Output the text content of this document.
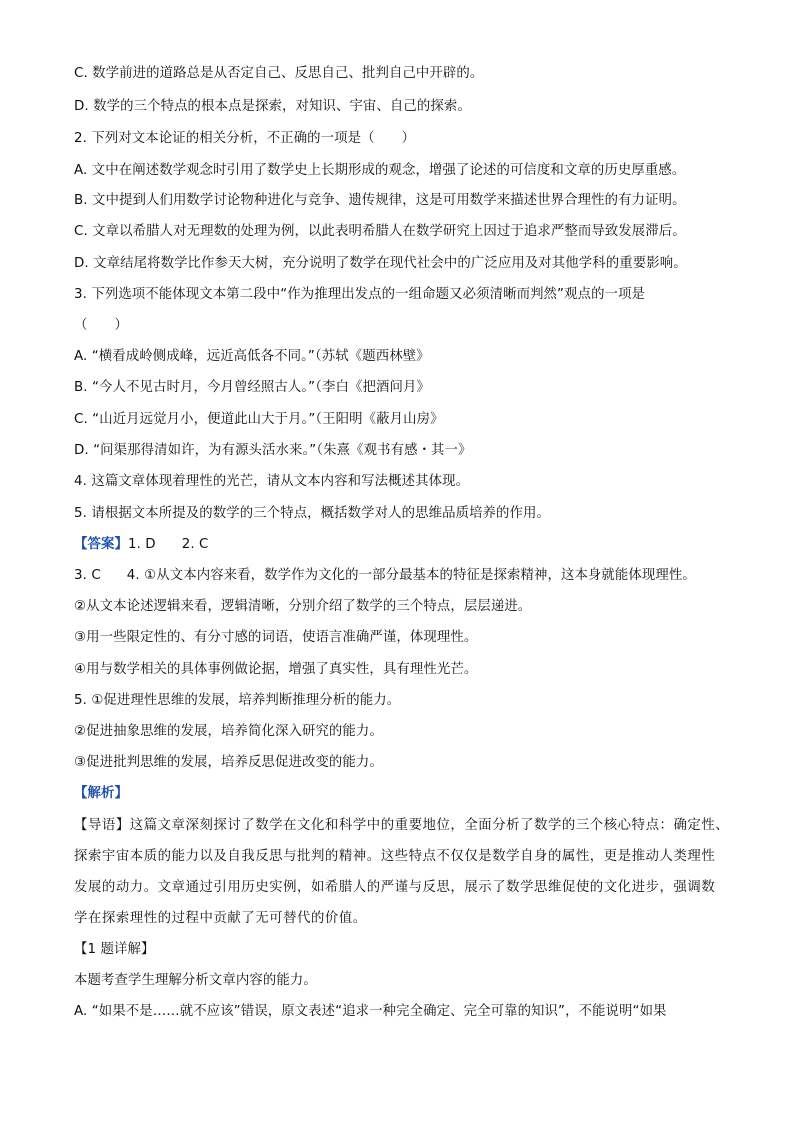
C. 数学前进的道路总是从否定自己、反思自己、批判自己中开辟的。
D. 数学的三个特点的根本点是探索，对知识、宇宙、自己的探索。
2. 下列对文本论证的相关分析，不正确的一项是（　　）
A. 文中在阐述数学观念时引用了数学史上长期形成的观念，增强了论述的可信度和文章的历史厚重感。
B. 文中提到人们用数学讨论物种进化与竞争、遗传规律，这是可用数学来描述世界合理性的有力证明。
C. 文章以希腊人对无理数的处理为例，以此表明希腊人在数学研究上因过于追求严整而导致发展滞后。
D. 文章结尾将数学比作参天大树，充分说明了数学在现代社会中的广泛应用及对其他学科的重要影响。
3. 下列选项不能体现文本第二段中“作为推理出发点的一组命题又必须清晰而判然”观点的一项是
（　　）
A. “横看成岭侧成峰，远近高低各不同。”（苏轼《题西林壁》
B. “今人不见古时月，今月曾经照古人。”（李白《把酒问月》
C. “山近月远觉月小，便道此山大于月。”（王阳明《蔽月山房》
D. “问渠那得清如许，为有源头活水来。”（朱熹《观书有感・其一》
4. 这篇文章体现着理性的光芒，请从文本内容和写法概述其体现。
5. 请根据文本所提及的数学的三个特点，概括数学对人的思维品质培养的作用。
【答案】1. D 2. C
3. C 4. ①从文本内容来看，数学作为文化的一部分最基本的特征是探索精神，这本身就能体现理性。
②从文本论述逻辑来看，逻辑清晰，分别介绍了数学的三个特点，层层递进。
③用一些限定性的、有分寸感的词语，使语言准确严谨，体现理性。
④用与数学相关的具体事例做论据，增强了真实性，具有理性光芒。
5. ①促进理性思维的发展，培养判断推理分析的能力。
②促进抽象思维的发展，培养简化深入研究的能力。
③促进批判思维的发展，培养反思促进改变的能力。
【解析】
【导语】这篇文章深刻探讨了数学在文化和科学中的重要地位，全面分析了数学的三个核心特点：确定性、
探索宇宙本质的能力以及自我反思与批判的精神。这些特点不仅仅是数学自身的属性，更是推动人类理性
发展的动力。文章通过引用历史实例，如希腊人的严谨与反思，展示了数学思维促使的文化进步，强调数
学在探索理性的过程中贡献了无可替代的价值。
【1 题详解】
本题考查学生理解分析文章内容的能力。
A. “如果不是……就不应该”错误，原文表述“追求一种完全确定、完全可靠的知识”，不能说明“如果
